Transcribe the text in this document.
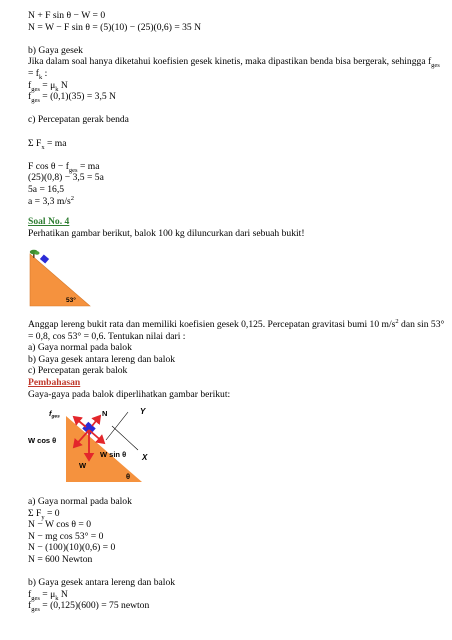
N + F sin θ − W = 0
N = W − F sin θ = (5)(10) − (25)(0,6) = 35 N
b) Gaya gesek
Jika dalam soal hanya diketahui koefisien gesek kinetis, maka dipastikan benda bisa bergerak, sehingga $f_{ges}$
= $f_k$ :
$f_{ges} = \mu_k$ N
$f_{ges} = (0,1)(35) = 3,5$ N
c) Percepatan gerak benda
Σ $F_x$ = ma
F $\cos \theta - f_{ges}$ = ma
(25)(0,8) − 3,5 = 5a
5a = 16,5
a = 3,3 $m/s^2$
Soal No. 4
Perhatikan gambar berikut, balok 100 kg diluncurkan dari sebuah bukit!
53°
Anggap lereng bukit rata dan memiliki koefisien gesek 0,125. Percepatan gravitasi bumi 10 $m/s^2$ dan sin 53°
= 0,8, cos 53° = 0,6. Tentukan nilai dari :
a) Gaya normal pada balok
b) Gaya gesek antara lereng dan balok
c) Percepatan gerak balok
Pembahasan
Gaya-gaya pada balok diperlihatkan gambar berikut:
$f_{ges}$	N	Y
X
W cos θ
W
W sin θ
θ
a) Gaya normal pada balok
Σ $F_y = 0$
N − W cos θ = 0
N − mg cos 53° = 0
N − (100)(10)(0,6) = 0
N = 600 Newton
b) Gaya gesek antara lereng dan balok
$f_{ges} = \mu_k$ N
$f_{ges} = (0,125)(600) = 75$ newton
